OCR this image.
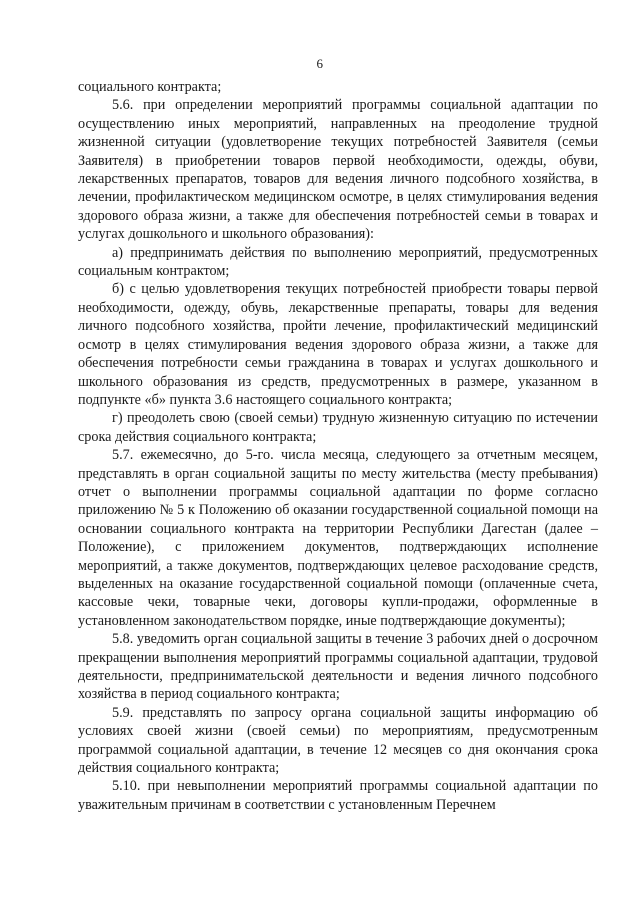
6

социального контракта;

5.6. при определении мероприятий программы социальной адаптации по осуществлению иных мероприятий, направленных на преодоление трудной жизненной ситуации (удовлетворение текущих потребностей Заявителя (семьи Заявителя) в приобретении товаров первой необходимости, одежды, обуви, лекарственных препаратов, товаров для ведения личного подсобного хозяйства, в лечении, профилактическом медицинском осмотре, в целях стимулирования ведения здорового образа жизни, а также для обеспечения потребностей семьи в товарах и услугах дошкольного и школьного образования):

а) предпринимать действия по выполнению мероприятий, предусмотренных социальным контрактом;

б) с целью удовлетворения текущих потребностей приобрести товары первой необходимости, одежду, обувь, лекарственные препараты, товары для ведения личного подсобного хозяйства, пройти лечение, профилактический медицинский осмотр в целях стимулирования ведения здорового образа жизни, а также для обеспечения потребности семьи гражданина в товарах и услугах дошкольного и школьного образования из средств, предусмотренных в размере, указанном в подпункте «б» пункта 3.6 настоящего социального контракта;

г) преодолеть свою (своей семьи) трудную жизненную ситуацию по истечении срока действия социального контракта;

5.7. ежемесячно, до 5-го. числа месяца, следующего за отчетным месяцем, представлять в орган социальной защиты по месту жительства (месту пребывания) отчет о выполнении программы социальной адаптации по форме согласно приложению № 5 к Положению об оказании государственной социальной помощи на основании социального контракта на территории Республики Дагестан (далее – Положение), с приложением документов, подтверждающих исполнение мероприятий, а также документов, подтверждающих целевое расходование средств, выделенных на оказание государственной социальной помощи (оплаченные счета, кассовые чеки, товарные чеки, договоры купли-продажи, оформленные в установленном законодательством порядке, иные подтверждающие документы);

5.8. уведомить орган социальной защиты в течение 3 рабочих дней о досрочном прекращении выполнения мероприятий программы социальной адаптации, трудовой деятельности, предпринимательской деятельности и ведения личного подсобного хозяйства в период социального контракта;

5.9. представлять по запросу органа социальной защиты информацию об условиях своей жизни (своей семьи) по мероприятиям, предусмотренным программой социальной адаптации, в течение 12 месяцев со дня окончания срока действия социального контракта;

5.10. при невыполнении мероприятий программы социальной адаптации по уважительным причинам в соответствии с установленным Перечнем
